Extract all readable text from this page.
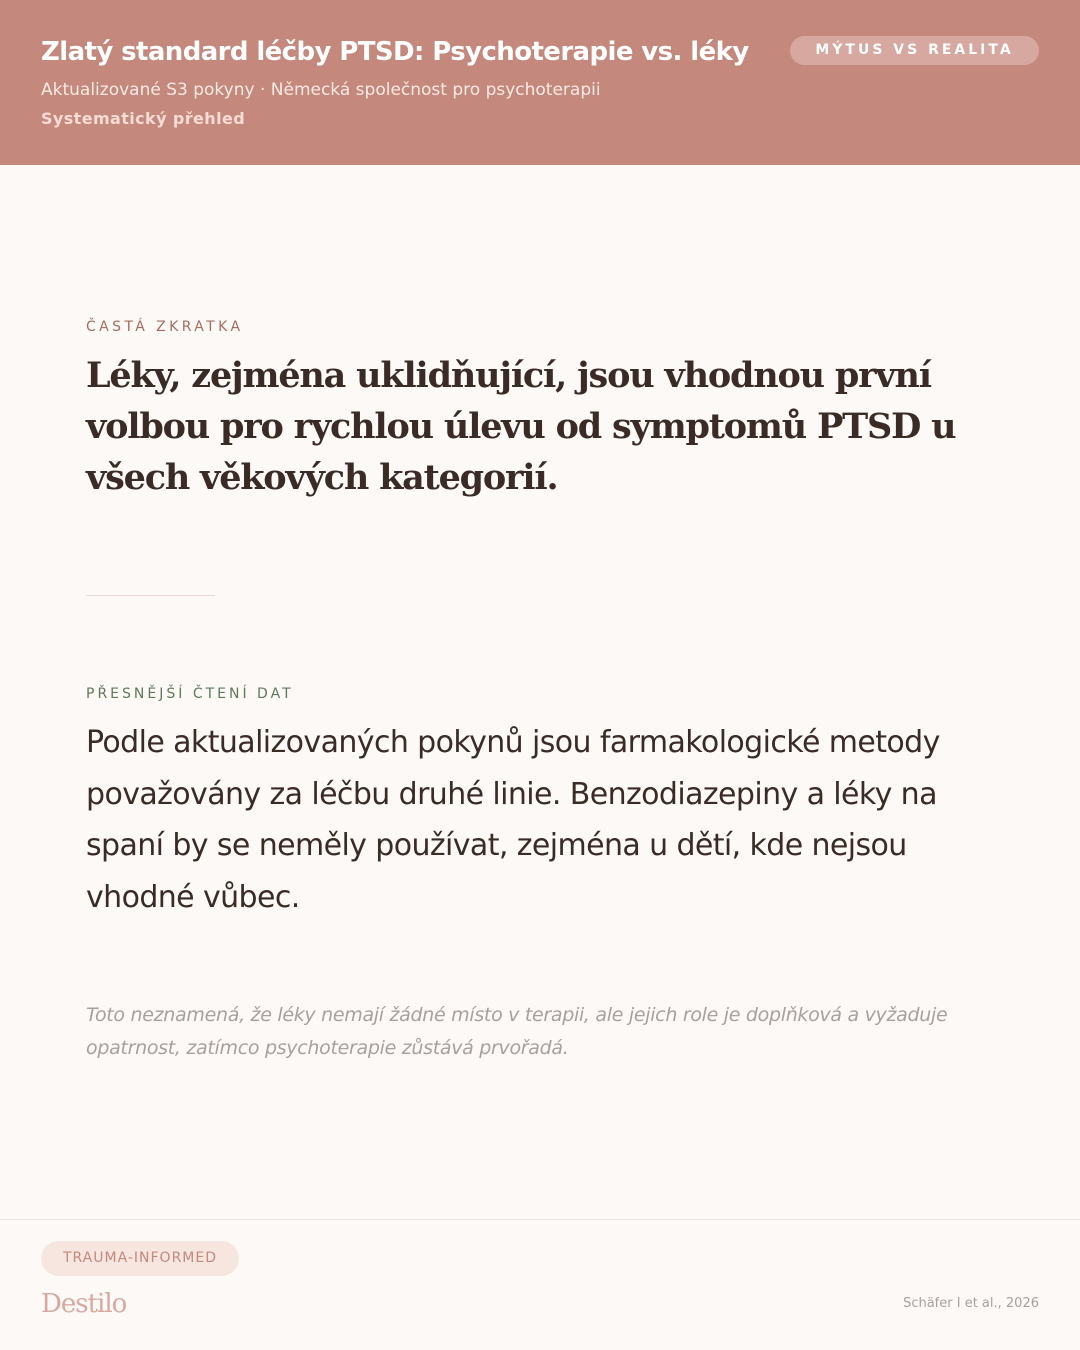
Zlatý standard léčby PTSD: Psychoterapie vs. léky
Aktualizované S3 pokyny · Německá společnost pro psychoterapii
Systematický přehled
MÝTUS VS REALITA
ČASTÁ ZKRATKA
Léky, zejména uklidňující, jsou vhodnou první volbou pro rychlou úlevu od symptomů PTSD u všech věkových kategorií.
PŘESNĚJŠÍ ČTENÍ DAT
Podle aktualizovaných pokynů jsou farmakologické metody považovány za léčbu druhé linie. Benzodiazepiny a léky na spaní by se neměly používat, zejména u dětí, kde nejsou vhodné vůbec.
Toto neznamená, že léky nemají žádné místo v terapii, ale jejich role je doplňková a vyžaduje opatrnost, zatímco psychoterapie zůstává prvořadá.
TRAUMA-INFORMED
Destilo	Schäfer I et al., 2026
